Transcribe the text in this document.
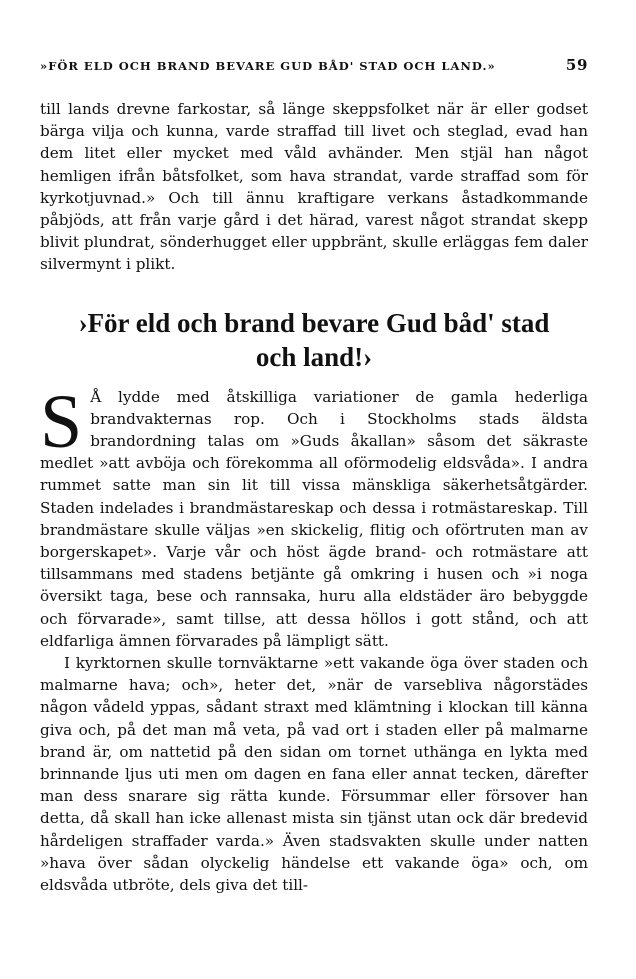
»FÖR ELD OCH BRAND BEVARE GUD BÅD' STAD OCH LAND.»	59

till lands drevne farkostar, så länge skeppsfolket när är eller godset bärga vilja och kunna, varde straffad till livet och steglad, evad han dem litet eller mycket med våld avhänder. Men stjäl han något hemligen ifrån båtsfolket, som hava strandat, varde straffad som för kyrkotjuvnad.» Och till ännu kraftigare verkans åstadkommande påbjöds, att från varje gård i det härad, varest något strandat skepp blivit plundrat, sönderhugget eller uppbränt, skulle erläggas fem daler silvermynt i plikt.

›För eld och brand bevare Gud båd' stad
och land!›

S Å lydde med åtskilliga variationer de gamla hederliga brandvakternas rop. Och i Stockholms stads äldsta brandordning talas om »Guds åkallan» såsom det säkraste medlet »att avböja och förekomma all oförmodelig eldsvåda». I andra rummet satte man sin lit till vissa mänskliga säkerhetsåtgärder. Staden indelades i brandmästareskap och dessa i rotmästareskap. Till brandmästare skulle väljas »en skickelig, flitig och oförtruten man av borgerskapet». Varje vår och höst ägde brand- och rotmästare att tillsammans med stadens betjänte gå omkring i husen och »i noga översikt taga, bese och rannsaka, huru alla eldstäder äro bebyggde och förvarade», samt tillse, att dessa höllos i gott stånd, och att eldfarliga ämnen förvarades på lämpligt sätt.

I kyrktornen skulle tornväktarne »ett vakande öga över staden och malmarne hava; och», heter det, »när de varsebliva någorstädes någon vådeld yppas, sådant straxt med klämtning i klockan till känna giva och, på det man må veta, på vad ort i staden eller på malmarne brand är, om nattetid på den sidan om tornet uthänga en lykta med brinnande ljus uti men om dagen en fana eller annat tecken, därefter man dess snarare sig rätta kunde. Försummar eller försover han detta, då skall han icke allenast mista sin tjänst utan ock där bredevid hårdeligen straffader varda.» Även stadsvakten skulle under natten »hava över sådan olyckelig händelse ett vakande öga» och, om eldsvåda utbröte, dels giva det till-
